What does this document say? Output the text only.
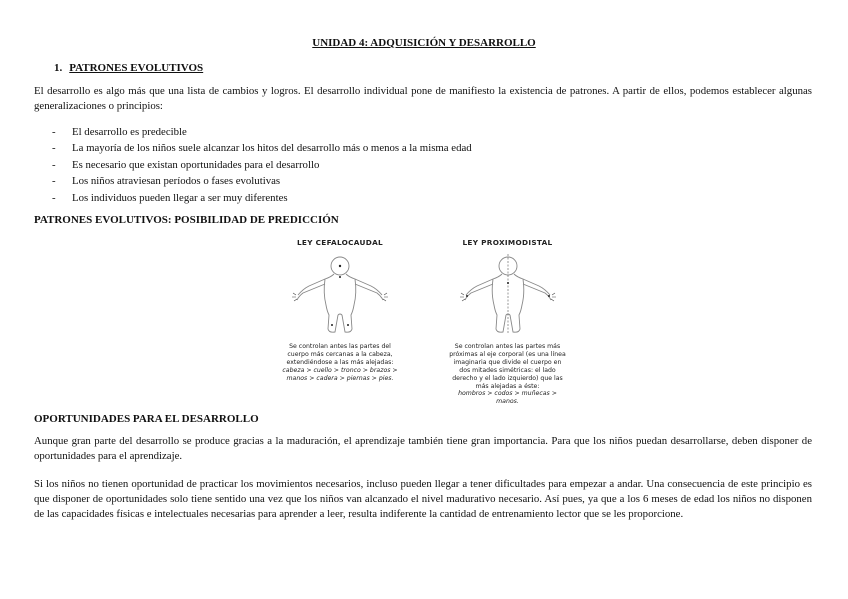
UNIDAD 4: ADQUISICIÓN Y DESARROLLO
1. PATRONES EVOLUTIVOS

El desarrollo es algo más que una lista de cambios y logros. El desarrollo individual pone de manifiesto la existencia de patrones. A partir de ellos, podemos establecer algunas generalizaciones o principios:

- El desarrollo es predecible
- La mayoría de los niños suele alcanzar los hitos del desarrollo más o menos a la misma edad
- Es necesario que existan oportunidades para el desarrollo
- Los niños atraviesan períodos o fases evolutivas
- Los individuos pueden llegar a ser muy diferentes
PATRONES EVOLUTIVOS: POSIBILIDAD DE PREDICCIÓN
LEY CEFALOCAUDAL
Se controlan antes las partes del
cuerpo más cercanas a la cabeza,
extendiéndose a las más alejadas:
cabeza > cuello > tronco > brazos >
manos > cadera > piernas > pies.
LEY PROXIMODISTAL
Se controlan antes las partes más
próximas al eje corporal (es una línea
imaginaria que divide el cuerpo en
dos mitades simétricas: el lado
derecho y el lado izquierdo) que las
más alejadas a éste:
hombros > codos > muñecas >
manos.
OPORTUNIDADES PARA EL DESARROLLO

Aunque gran parte del desarrollo se produce gracias a la maduración, el aprendizaje también tiene gran importancia. Para que los niños puedan desarrollarse, deben disponer de oportunidades para el aprendizaje.

Si los niños no tienen oportunidad de practicar los movimientos necesarios, incluso pueden llegar a tener dificultades para empezar a andar. Una consecuencia de este principio es que disponer de oportunidades solo tiene sentido una vez que los niños van alcanzado el nivel madurativo necesario. Así pues, ya que a los 6 meses de edad los niños no disponen de las capacidades físicas e intelectuales necesarias para aprender a leer, resulta indiferente la cantidad de entrenamiento lector que se les proporcione.
